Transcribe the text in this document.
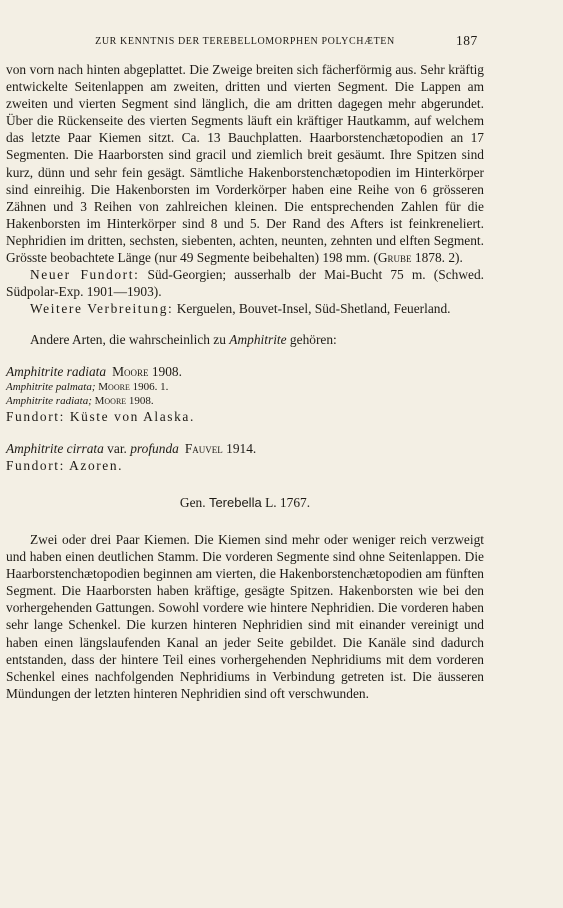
ZUR KENNTNIS DER TEREBELLOMORPHEN POLYCHÆTEN	187

von vorn nach hinten abgeplattet. Die Zweige breiten sich fächerförmig aus. Sehr kräftig entwickelte Seitenlappen am zweiten, dritten und vierten Segment. Die Lappen am zweiten und vierten Segment sind länglich, die am dritten dagegen mehr abgerundet. Über die Rückenseite des vierten Segments läuft ein kräftiger Hautkamm, auf welchem das letzte Paar Kiemen sitzt. Ca. 13 Bauchplatten. Haarborstenchætopodien an 17 Segmenten. Die Haarborsten sind gracil und ziemlich breit gesäumt. Ihre Spitzen sind kurz, dünn und sehr fein gesägt. Sämtliche Hakenborstenchætopodien im Hinterkörper sind einreihig. Die Hakenborsten im Vorderkörper haben eine Reihe von 6 grösseren Zähnen und 3 Reihen von zahlreichen kleinen. Die entsprechenden Zahlen für die Hakenborsten im Hinterkörper sind 8 und 5. Der Rand des Afters ist feinkreneliert. Nephridien im dritten, sechsten, siebenten, achten, neunten, zehnten und elften Segment. Grösste beobachtete Länge (nur 49 Segmente beibehalten) 198 mm. (Grube 1878. 2).

Neuer Fundort: Süd-Georgien; ausserhalb der Mai-Bucht 75 m. (Schwed. Südpolar-Exp. 1901—1903).

Weitere Verbreitung: Kerguelen, Bouvet-Insel, Süd-Shetland, Feuerland.

Andere Arten, die wahrscheinlich zu Amphitrite gehören:

Amphitrite radiata Moore 1908.

Amphitrite palmata; Moore 1906. 1.

Amphitrite radiata; Moore 1908.

Fundort: Küste von Alaska.

Amphitrite cirrata var. profunda Fauvel 1914.

Fundort: Azoren.

Gen. Terebella L. 1767.

Zwei oder drei Paar Kiemen. Die Kiemen sind mehr oder weniger reich verzweigt und haben einen deutlichen Stamm. Die vorderen Segmente sind ohne Seitenlappen. Die Haarborstenchætopodien beginnen am vierten, die Hakenborstenchætopodien am fünften Segment. Die Haarborsten haben kräftige, gesägte Spitzen. Hakenborsten wie bei den vorhergehenden Gattungen. Sowohl vordere wie hintere Nephridien. Die vorderen haben sehr lange Schenkel. Die kurzen hinteren Nephridien sind mit einander vereinigt und haben einen längslaufenden Kanal an jeder Seite gebildet. Die Kanäle sind dadurch entstanden, dass der hintere Teil eines vorhergehenden Nephridiums mit dem vorderen Schenkel eines nachfolgenden Nephridiums in Verbindung getreten ist. Die äusseren Mündungen der letzten hinteren Nephridien sind oft verschwunden.
